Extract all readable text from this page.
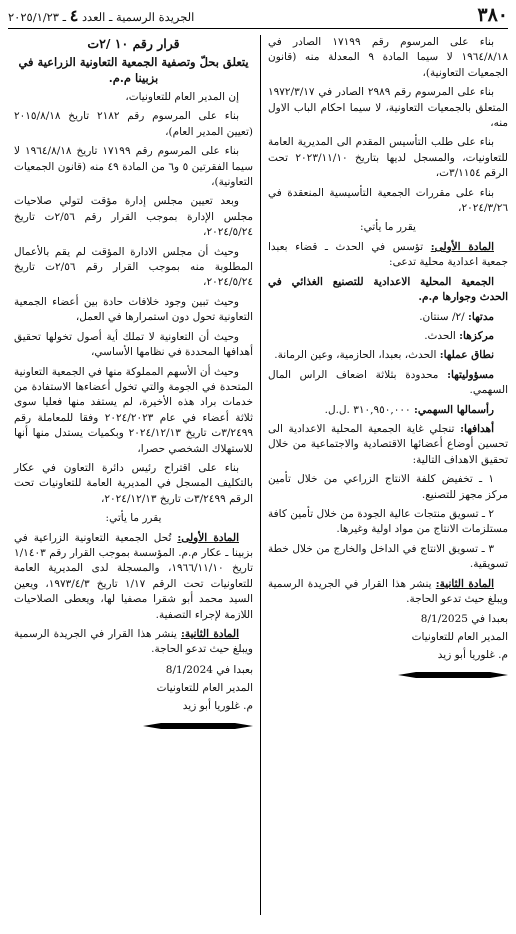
٣٨٠
الجريدة الرسمية ـ العدد ٤ ـ ٢٠٢٥/١/٢٣

بناء على المرسوم رقم ١٧١٩٩ الصادر في ١٩٦٤/٨/١٨ لا سيما المادة ٩ المعدلة منه (قانون الجمعيات التعاونية)،

بناء على المرسوم رقم ٢٩٨٩ الصادر في ١٩٧٢/٣/١٧ المتعلق بالجمعيات التعاونية، لا سيما احكام الباب الاول منه،

بناء على طلب التأسيس المقدم الى المديرية العامة للتعاونيات، والمسجل لديها بتاريخ ٢٠٢٣/١١/١٠ تحت الرقم ٣/١١٥٤ت،

بناء على مقررات الجمعية التأسيسية المنعقدة في ٢٠٢٤/٣/٢٦،

يقرر ما يأتي:

المادة الأولى: تؤسس في الحدث ـ قضاء بعبدا جمعية اعدادية محلية تدعى:

الجمعية المحلية الاعدادية للتصنيع الغذائي في الحدث وجوارها م.م.

مدتها: /٢/ سنتان.

مركزها: الحدث.

نطاق عملها: الحدث، بعبدا، الحازمية، وعين الرمانة.

مسؤوليتها: محدودة بثلاثة اضعاف الراس المال السهمي.

رأسمالها السهمي: ٣١٠,٩٥٠,٠٠٠ .ل.ل.

أهدافها: تنجلي غاية الجمعية المحلية الاعدادية الى تحسين أوضاع أعضائها الاقتصادية والاجتماعية من خلال تحقيق الاهداف التالية:

١ ـ تخفيض كلفة الانتاج الزراعي من خلال تأمين مركز مجهز للتصنيع.

٢ ـ تسويق منتجات عالية الجودة من خلال تأمين كافة مستلزمات الانتاج من مواد اولية وغيرها.

٣ ـ تسويق الانتاج في الداخل والخارج من خلال خطة تسويقية.

المادة الثانية: ينشر هذا القرار في الجريدة الرسمية ويبلغ حيث تدعو الحاجة.

بعبدا في 8/1/2025
المدير العام للتعاونيات
م. غلوريا أبو زيد

قرار رقم ١٠ /٢ت

يتعلق بحلّ وتصفية الجمعية التعاونية الزراعية في بزبينا م.م.

إن المدير العام للتعاونيات،

بناء على المرسوم رقم ٢١٨٢ تاريخ ٢٠١٥/٨/١٨ (تعيين المدير العام)،

بناء على المرسوم رقم ١٧١٩٩ تاريخ ١٩٦٤/٨/١٨ لا سيما الفقرتين ٥ و٦ من المادة ٤٩ منه (قانون الجمعيات التعاونية)،

وبعد تعيين مجلس إدارة مؤقت لتولي صلاحيات مجلس الإدارة بموجب القرار رقم ٢/٥٦ت تاريخ ٢٠٢٤/٥/٢٤،

وحيث أن مجلس الادارة المؤقت لم يقم بالأعمال المطلوبة منه بموجب القرار رقم ٢/٥٦ت تاريخ ٢٠٢٤/٥/٢٤،

وحيث تبين وجود خلافات حادة بين أعضاء الجمعية التعاونية تحول دون استمرارها في العمل،

وحيث أن التعاونية لا تملك أية أصول تخولها تحقيق أهدافها المحددة في نظامها الأساسي،

وحيث أن الأسهم المملوكة منها في الجمعية التعاونية المتحدة في الجومة والتي تخول أعضاءها الاستفادة من خدمات براد هذه الأخيرة، لم يستفد منها فعليا سوى ثلاثة أعضاء في عام ٢٠٢٤/٢٠٢٣ وفقا للمعاملة رقم ٣/٢٤٩٩ت تاريخ ٢٠٢٤/١٢/١٣ وبكميات يستدل منها أنها للاستهلاك الشخصي حصرا،

بناء على اقتراح رئيس دائرة التعاون في عكار بالتكليف المسجل في المديرية العامة للتعاونيات تحت الرقم ٣/٢٤٩٩ت تاريخ ٢٠٢٤/١٢/١٣،

يقرر ما يأتي:

المادة الأولى: تُحل الجمعية التعاونية الزراعية في بزبينا ـ عكار م.م. المؤسسة بموجب القرار رقم ١/١٤٠٣ تاريخ ١٩٦٦/١١/١٠، والمسجلة لدى المديرية العامة للتعاونيات تحت الرقم ١/١٧ تاريخ ١٩٧٣/٤/٣، ويعين السيد محمد أبو شقرا مصفيا لها، ويعطى الصلاحيات اللازمة لإجراء التصفية.

المادة الثانية: ينشر هذا القرار في الجريدة الرسمية ويبلغ حيث تدعو الحاجة.

بعبدا في 8/1/2024
المدير العام للتعاونيات
م. غلوريا أبو زيد
